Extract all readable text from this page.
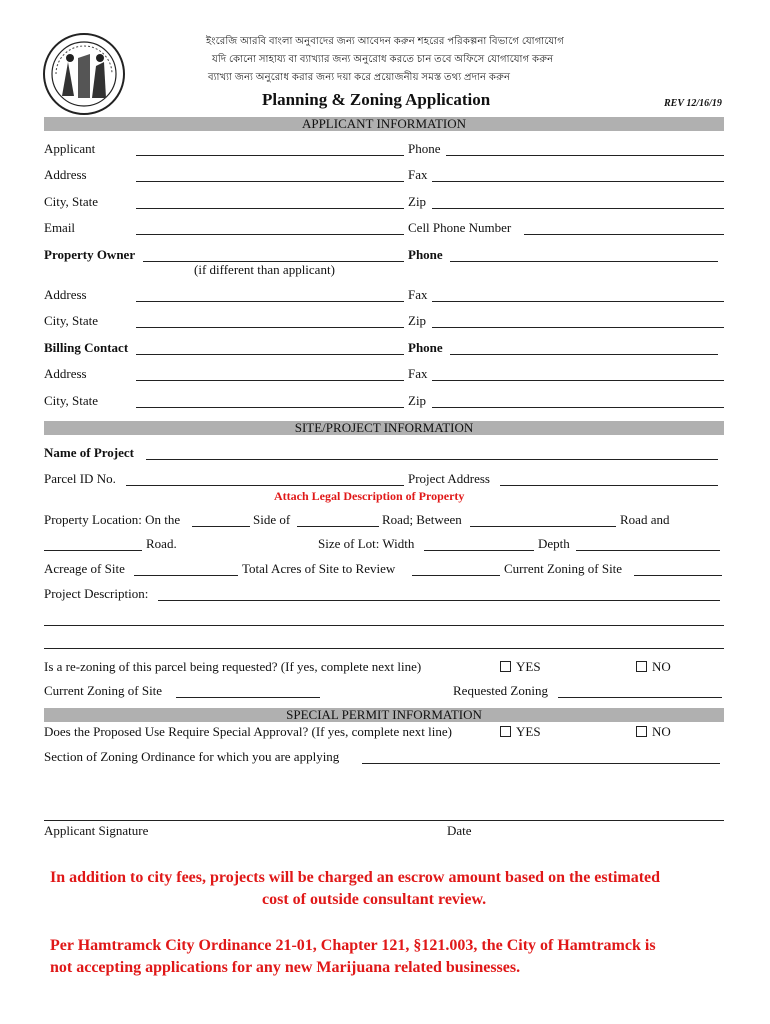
ইংরেজি আরবি বাংলা অনুবাদের জন্য আবেদন করুন শহরের পরিকল্পনা বিভাগে যোগাযোগ
যদি কোনো সাহায্য বা ব্যাখ্যার জন্য অনুরোধ করতে চান তবে অফিসে যোগাযোগ করুন
ব্যাখ্যা জন্য অনুরোধ করার জন্য দয়া করে প্রয়োজনীয় সমস্ত তথ্য প্রদান করুন
Planning & Zoning Application	REV 12/16/19
APPLICANT INFORMATION
Applicant	Phone
Address	Fax
City, State	Zip
Email	Cell Phone Number
Property Owner	Phone
(if different than applicant)
Address	Fax
City, State	Zip
Billing Contact	Phone
Address	Fax
City, State	Zip
SITE/PROJECT INFORMATION
Name of Project
Parcel ID No.	Project Address
Attach Legal Description of Property
Property Location: On the	Side of	Road; Between	Road and
Road.	Size of Lot: Width	Depth
Acreage of Site	Total Acres of Site to Review	Current Zoning of Site
Project Description:
Is a re-zoning of this parcel being requested? (If yes, complete next line)	YES	NO
Current Zoning of Site	Requested Zoning
SPECIAL PERMIT INFORMATION
Does the Proposed Use Require Special Approval? (If yes, complete next line)	YES	NO
Section of Zoning Ordinance for which you are applying
Applicant Signature	Date
In addition to city fees, projects will be charged an escrow amount based on the estimated
cost of outside consultant review.
Per Hamtramck City Ordinance 21-01, Chapter 121, §121.003, the City of Hamtramck is
not accepting applications for any new Marijuana related businesses.
